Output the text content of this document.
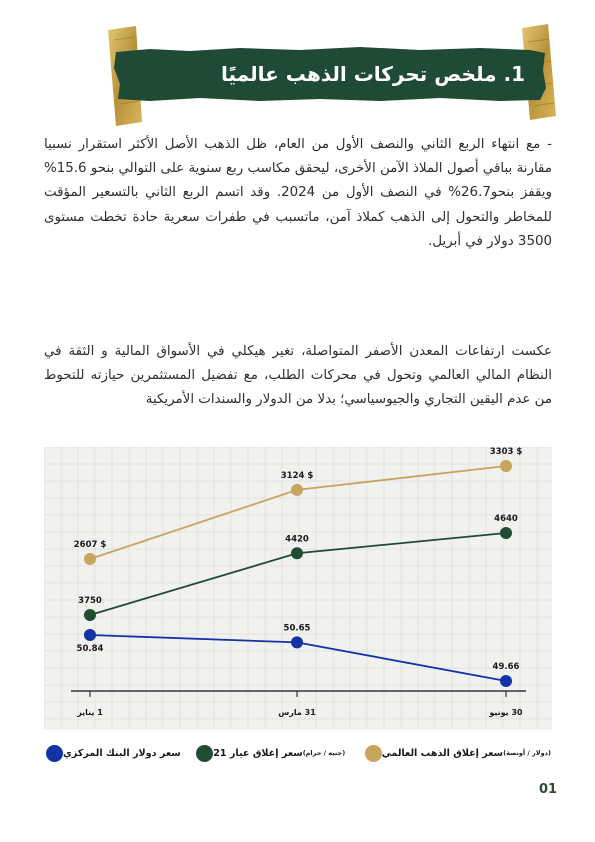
1. ملخص تحركات الذهب عالميًا

- مع انتهاء الربع الثاني والنصف الأول من العام، ظل الذهب الأصل الأكثر استقرار نسبيا مقارنة بباقي أصول الملاذ الآمن الأخرى، ليحقق مكاسب ربع سنوية على التوالي بنحو 15.6% ويقفز بنحو26.7% في النصف الأول من 2024. وقد اتسم الربع الثاني بالتسعير المؤقت للمخاطر والتحول إلى الذهب كملاذ آمن، ماتسبب في طفرات سعرية حادة تخطت مستوى 3500 دولار في أبريل.

عكست ارتفاعات المعدن الأصفر المتواصلة، تغير هيكلي في الأسواق المالية و الثقة في النظام المالي العالمي وتحول في محركات الطلب، مع تفضيل المستثمرين حيازته للتحوط من عدم اليقين التجاري والجيوسياسي؛ بدلا من الدولار والسندات الأمريكية

2607 $
3124 $
3303 $
3750
4420
4640
50.84
50.65
49.66
1 يناير	31 مارس	30 يونيو
سعر إغلاق الذهب العالمي (دولار / أونصة)
سعر إغلاق عيار 21 (جنيه / جرام)
سعر دولار البنك المركزي
01
